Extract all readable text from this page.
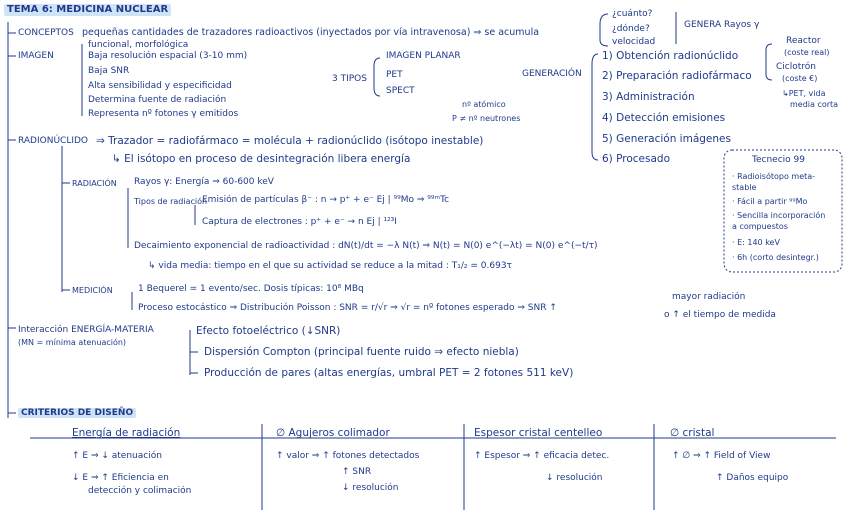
TEMA 6: MEDICINA NUCLEAR
CONCEPTOS pequeñas cantidades de trazadores radioactivos (inyectados por vía intravenosa) ⇒ se acumula
¿cuánto?
¿dónde?
velocidad
GENERA Rayos γ
IMAGEN
funcional, morfológica
Baja resolución espacial (3-10 mm)
Baja SNR
Alta sensibilidad y especificidad
Determina fuente de radiación
Representa nº fotones γ emitidos
3 TIPOS
IMAGEN PLANAR
PET
SPECT
nº atómico
P ≠ nº neutrones
GENERACIÓN
1) Obtención radionúclido
2) Preparación radiofármaco
3) Administración
4) Detección emisiones
5) Generación imágenes
6) Procesado
Reactor
(coste real)
Ciclotrón
(coste €)
↳PET, vida
media corta
RADIONÚCLIDO ⇒ Trazador = radiofármaco = molécula + radionúclido (isótopo inestable)
↳ El isótopo en proceso de desintegración libera energía	Tecnecio 99
· Radioisótopo meta-
stable
· Fácil a partir ⁹⁹Mo
· Sencilla incorporación
a compuestos
· E: 140 keV
· 6h (corto desintegr.)
RADIACIÓN Rayos γ: Energía ⇒ 60-600 keV
Tipos de radiación
Emisión de partículas β⁻ : n → p⁺ + e⁻ Ej | ⁹⁹Mo ⇒ ⁹⁹ᵐTc
Captura de electrones : p⁺ + e⁻ → n Ej | ¹²³I
Decaimiento exponencial de radioactividad : dN(t)/dt = −λ N(t) ⇒ N(t) = N(0) e^(−λt) = N(0) e^(−t/τ)
↳ vida media: tiempo en el que su actividad se reduce a la mitad : T₁/₂ = 0.693τ
MEDICIÓN	1 Bequerel = 1 evento/sec. Dosis típicas: 10⁸ MBq
Proceso estocástico ⇒ Distribución Poisson : SNR = r/√r ⇒ √r = nº fotones esperado ⇒ SNR ↑
mayor radiación
o ↑ el tiempo de medida
Interacción ENERGÍA-MATERIA
(MN = mínima atenuación)
Efecto fotoeléctrico (↓SNR)
Dispersión Compton (principal fuente ruido ⇒ efecto niebla)
Producción de pares (altas energías, umbral PET = 2 fotones 511 keV)
CRITERIOS DE DISEÑO
Energía de radiación
↑ E ⇒ ↓ atenuación
↓ E ⇒ ↑ Eficiencia en
detección y colimación
∅ Agujeros colimador
↑ valor ⇒ ↑ fotones detectados
↑ SNR
↓ resolución
Espesor cristal centelleo
↑ Espesor ⇒ ↑ eficacia detec.
↓ resolución
∅ cristal
↑ ∅ ⇒ ↑ Field of View
↑ Daños equipo
